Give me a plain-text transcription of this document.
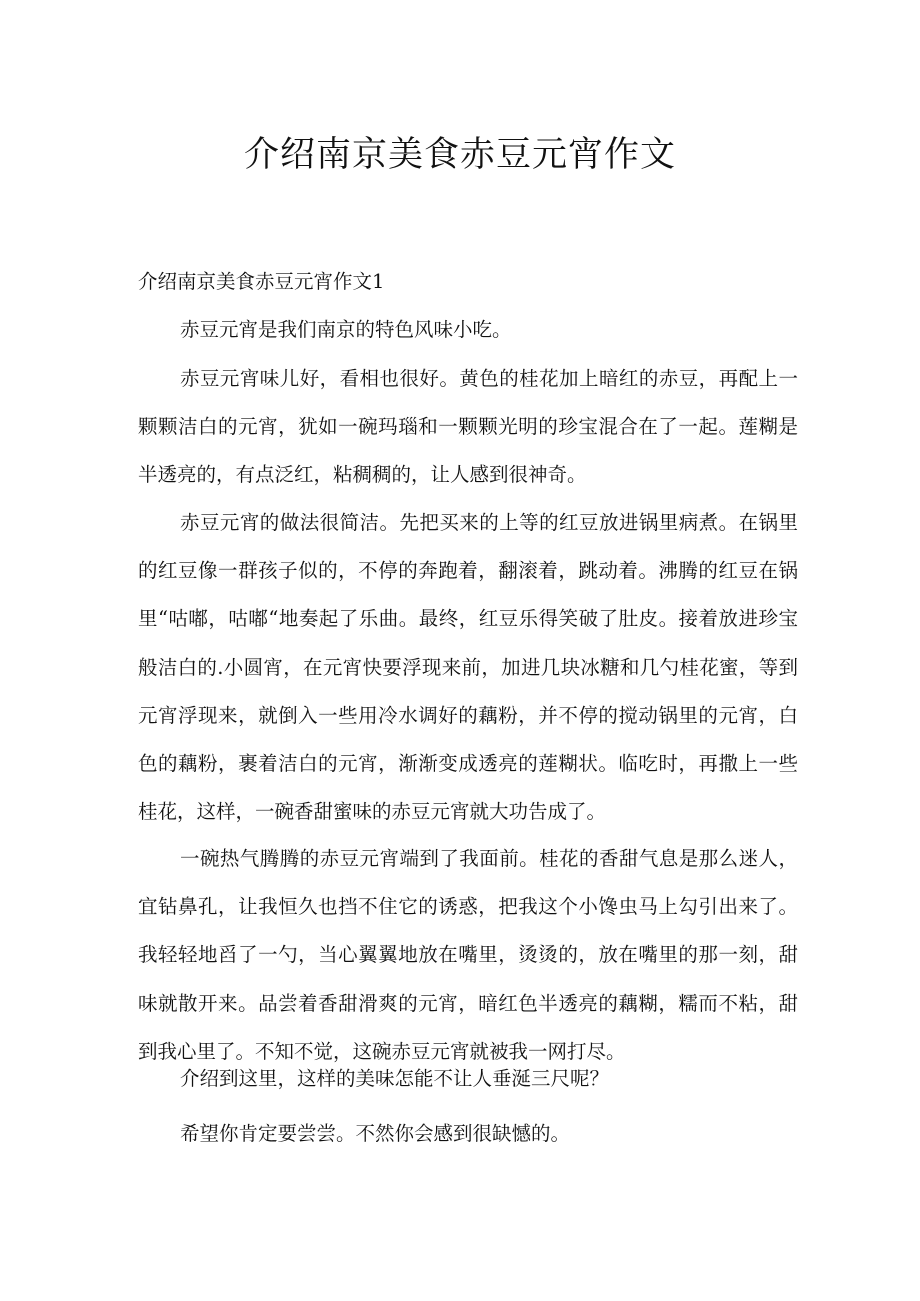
介绍南京美食赤豆元宵作文

介绍南京美食赤豆元宵作文1

赤豆元宵是我们南京的特色风味小吃。

赤豆元宵味儿好，看相也很好。黄色的桂花加上暗红的赤豆，再配上一颗颗洁白的元宵，犹如一碗玛瑙和一颗颗光明的珍宝混合在了一起。莲糊是半透亮的，有点泛红，粘稠稠的，让人感到很神奇。

赤豆元宵的做法很简洁。先把买来的上等的红豆放进锅里病煮。在锅里的红豆像一群孩子似的，不停的奔跑着，翻滚着，跳动着。沸腾的红豆在锅里“咕嘟，咕嘟“地奏起了乐曲。最终，红豆乐得笑破了肚皮。接着放进珍宝般洁白的.小圆宵，在元宵快要浮现来前，加进几块冰糖和几勺桂花蜜，等到元宵浮现来，就倒入一些用冷水调好的藕粉，并不停的搅动锅里的元宵，白色的藕粉，裹着洁白的元宵，渐渐变成透亮的莲糊状。临吃时，再撒上一些桂花，这样，一碗香甜蜜味的赤豆元宵就大功告成了。

一碗热气腾腾的赤豆元宵端到了我面前。桂花的香甜气息是那么迷人，宜钻鼻孔，让我恒久也挡不住它的诱惑，把我这个小馋虫马上勾引出来了。我轻轻地舀了一勺，当心翼翼地放在嘴里，烫烫的，放在嘴里的那一刻，甜味就散开来。品尝着香甜滑爽的元宵，暗红色半透亮的藕糊，糯而不粘，甜到我心里了。不知不觉，这碗赤豆元宵就被我一网打尽。

介绍到这里，这样的美味怎能不让人垂涎三尺呢？

希望你肯定要尝尝。不然你会感到很缺憾的。
